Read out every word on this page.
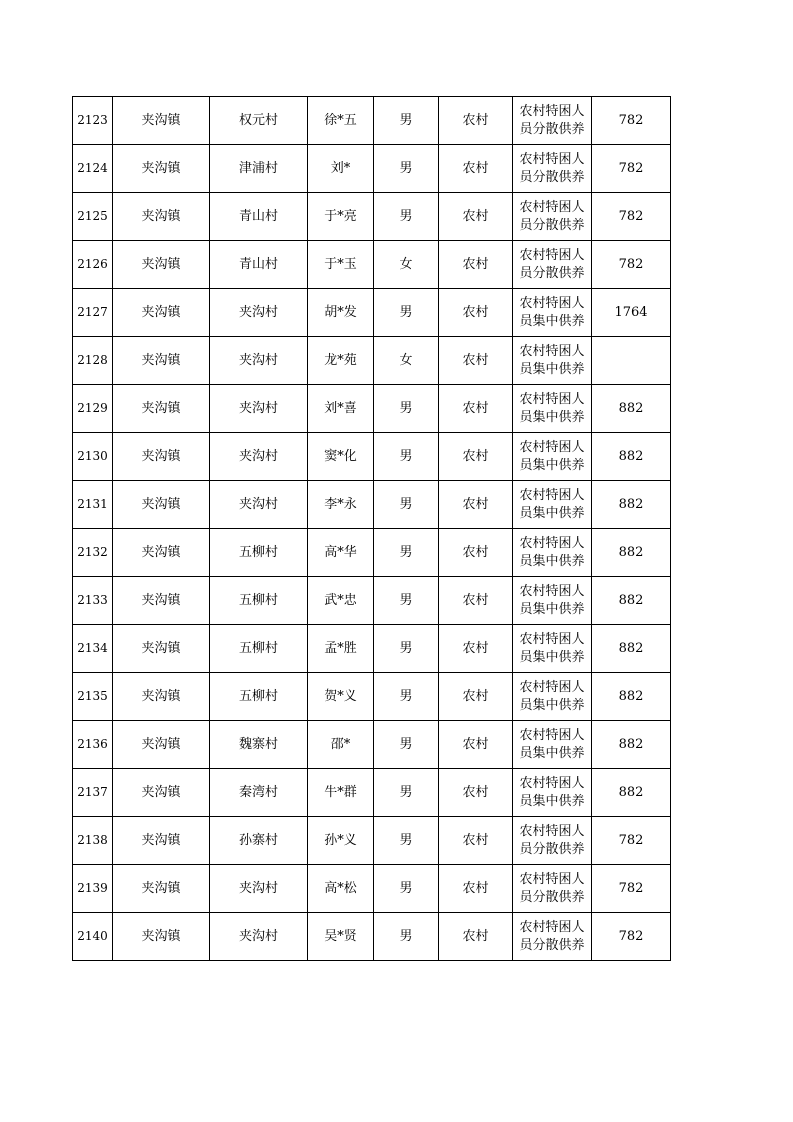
2123	夹沟镇	权元村	徐*五	男	农村	农村特困人员分散供养	782
2124	夹沟镇	津浦村	刘*	男	农村	农村特困人员分散供养	782
2125	夹沟镇	青山村	于*亮	男	农村	农村特困人员分散供养	782
2126	夹沟镇	青山村	于*玉	女	农村	农村特困人员分散供养	782
2127	夹沟镇	夹沟村	胡*发	男	农村	农村特困人员集中供养	1764
2128	夹沟镇	夹沟村	龙*苑	女	农村	农村特困人员集中供养	
2129	夹沟镇	夹沟村	刘*喜	男	农村	农村特困人员集中供养	882
2130	夹沟镇	夹沟村	窦*化	男	农村	农村特困人员集中供养	882
2131	夹沟镇	夹沟村	李*永	男	农村	农村特困人员集中供养	882
2132	夹沟镇	五柳村	高*华	男	农村	农村特困人员集中供养	882
2133	夹沟镇	五柳村	武*忠	男	农村	农村特困人员集中供养	882
2134	夹沟镇	五柳村	孟*胜	男	农村	农村特困人员集中供养	882
2135	夹沟镇	五柳村	贺*义	男	农村	农村特困人员集中供养	882
2136	夹沟镇	魏寨村	邵*	男	农村	农村特困人员集中供养	882
2137	夹沟镇	秦湾村	牛*群	男	农村	农村特困人员集中供养	882
2138	夹沟镇	孙寨村	孙*义	男	农村	农村特困人员分散供养	782
2139	夹沟镇	夹沟村	高*松	男	农村	农村特困人员分散供养	782
2140	夹沟镇	夹沟村	吴*贤	男	农村	农村特困人员分散供养	782
